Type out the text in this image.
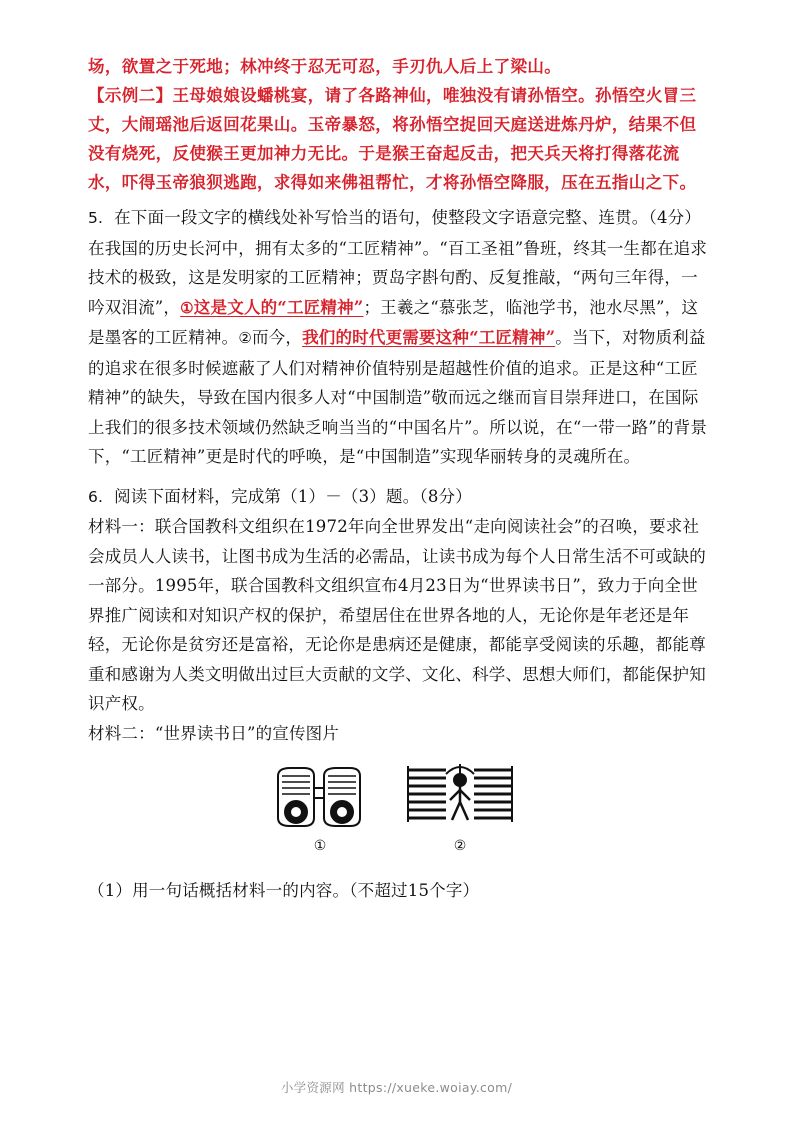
场，欲置之于死地；林冲终于忍无可忍，手刃仇人后上了梁山。

【示例二】王母娘娘设蟠桃宴，请了各路神仙，唯独没有请孙悟空。孙悟空火冒三丈，大闹瑶池后返回花果山。玉帝暴怒，将孙悟空捉回天庭送进炼丹炉，结果不但没有烧死，反使猴王更加神力无比。于是猴王奋起反击，把天兵天将打得落花流水，吓得玉帝狼狈逃跑，求得如来佛祖帮忙，才将孙悟空降服，压在五指山之下。

5. 在下面一段文字的横线处补写恰当的语句，使整段文字语意完整、连贯。（4分）

在我国的历史长河中，拥有太多的“工匠精神”。“百工圣祖”鲁班，终其一生都在追求技术的极致，这是发明家的工匠精神；贾岛字斟句酌、反复推敲，“两句三年得，一吟双泪流”，①这是文人的“工匠精神”；王羲之“慕张芝，临池学书，池水尽黑”，这是墨客的工匠精神。②而今，我们的时代更需要这种“工匠精神”。当下，对物质利益的追求在很多时候遮蔽了人们对精神价值特别是超越性价值的追求。正是这种“工匠精神”的缺失，导致在国内很多人对“中国制造”敬而远之继而盲目崇拜进口，在国际上我们的很多技术领域仍然缺乏响当当的“中国名片”。所以说，在“一带一路”的背景下，“工匠精神”更是时代的呼唤，是“中国制造”实现华丽转身的灵魂所在。

6. 阅读下面材料，完成第（1）－（3）题。（8分）

材料一：联合国教科文组织在1972年向全世界发出“走向阅读社会”的召唤，要求社会成员人人读书，让图书成为生活的必需品，让读书成为每个人日常生活不可或缺的一部分。1995年，联合国教科文组织宣布4月23日为“世界读书日”，致力于向全世界推广阅读和对知识产权的保护，希望居住在世界各地的人，无论你是年老还是年轻，无论你是贫穷还是富裕，无论你是患病还是健康，都能享受阅读的乐趣，都能尊重和感谢为人类文明做出过巨大贡献的文学、文化、科学、思想大师们，都能保护知识产权。

材料二：“世界读书日”的宣传图片

①	②

（1）用一句话概括材料一的内容。（不超过15个字）

小学资源网 https://xueke.woiay.com/
